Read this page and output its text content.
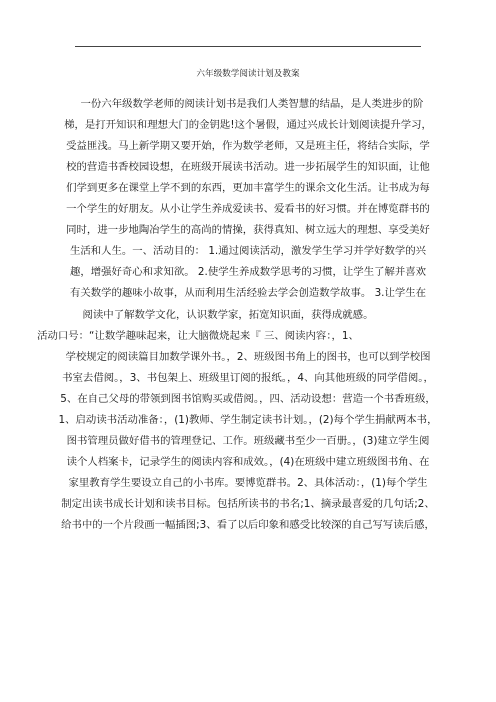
六年级数学阅读计划及教案
一份六年级数学老师的阅读计划书是我们人类智慧的结晶，是人类进步的阶
梯，是打开知识和理想大门的金钥匙!这个暑假，通过兴成长计划阅读提升学习，
受益匪浅。马上新学期又要开始，作为数学老师，又是班主任，将结合实际，学
校的营造书香校园设想，在班级开展读书活动。进一步拓展学生的知识面，让他
们学到更多在课堂上学不到的东西，更加丰富学生的课余文化生活。让书成为每
一个学生的好朋友。从小让学生养成爱读书、爱看书的好习惯。并在博览群书的
同时，进一步地陶冶学生的高尚的情操，获得真知、树立远大的理想、享受美好
生活和人生。一、活动目的： 1.通过阅读活动，激发学生学习并学好数学的兴
趣，增强好奇心和求知欲。 2.使学生养成数学思考的习惯，让学生了解并喜欢
有关数学的趣味小故事，从而利用生活经验去学会创造数学故事。 3.让学生在
阅读中了解数学文化，认识数学家，拓宽知识面，获得成就感。
活动口号：“让数学趣味起来，让大脑微烧起来『 三、阅读内容：，1、
学校规定的阅读篇目加数学课外书。，2、班级图书角上的图书，也可以到学校图
书室去借阅。，3、书包架上、班级里订阅的报纸。，4、向其他班级的同学借阅。，
5、在自己父母的带领到图书馆购买或借阅。，四、活动设想：营造一个书香班级，
1、启动读书活动准备：，(1)教师、学生制定读书计划。，(2)每个学生捐献两本书，
图书管理员做好借书的管理登记、工作。班级藏书至少一百册。，(3)建立学生阅
读个人档案卡，记录学生的阅读内容和成效。，(4)在班级中建立班级图书角、在
家里教育学生要设立自己的小书库。要博览群书。2、具体活动：，(1)每个学生
制定出读书成长计划和读书目标。包括所读书的书名;1、摘录最喜爱的几句话;2、
给书中的一个片段画一幅插图;3、看了以后印象和感受比较深的自己写写读后感，
